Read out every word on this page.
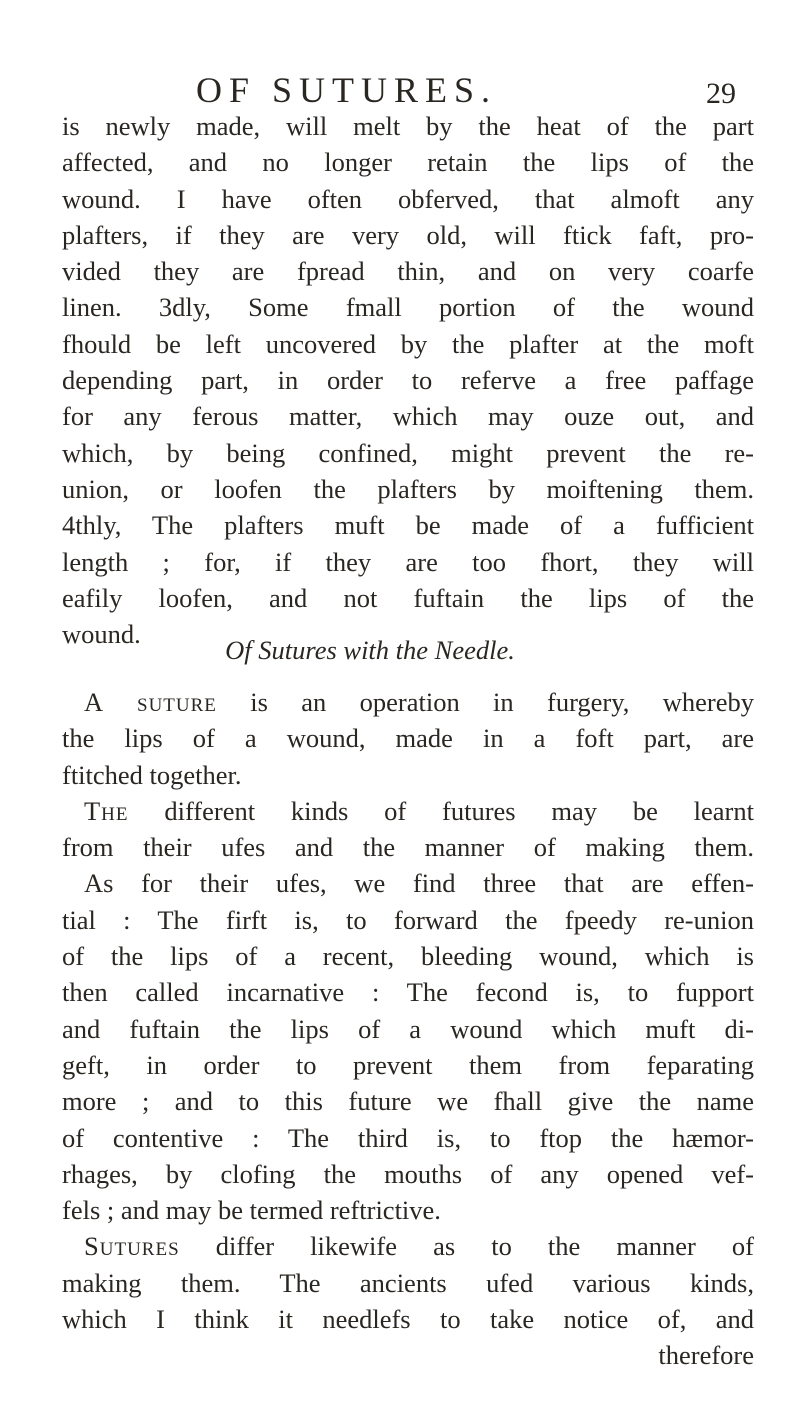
OF SUTURES.	29
is newly made, will melt by the heat of the part
affected, and no longer retain the lips of the
wound. I have often obferved, that almoft any
plafters, if they are very old, will ftick faft, pro-
vided they are fpread thin, and on very coarfe
linen. 3dly, Some fmall portion of the wound
fhould be left uncovered by the plafter at the moft
depending part, in order to referve a free paffage
for any ferous matter, which may ouze out, and
which, by being confined, might prevent the re-
union, or loofen the plafters by moiftening them.
4thly, The plafters muft be made of a fufficient
length ; for, if they are too fhort, they will
eafily loofen, and not fuftain the lips of the
wound.
Of Sutures with the Needle.
A suture is an operation in furgery, whereby
the lips of a wound, made in a foft part, are
ftitched together.
The different kinds of futures may be learnt
from their ufes and the manner of making them.
As for their ufes, we find three that are effen-
tial : The firft is, to forward the fpeedy re-union
of the lips of a recent, bleeding wound, which is
then called incarnative : The fecond is, to fupport
and fuftain the lips of a wound which muft di-
geft, in order to prevent them from feparating
more ; and to this future we fhall give the name
of contentive : The third is, to ftop the hæmor-
rhages, by clofing the mouths of any opened vef-
fels ; and may be termed reftrictive.
Sutures differ likewife as to the manner of
making them. The ancients ufed various kinds,
which I think it needlefs to take notice of, and
therefore
